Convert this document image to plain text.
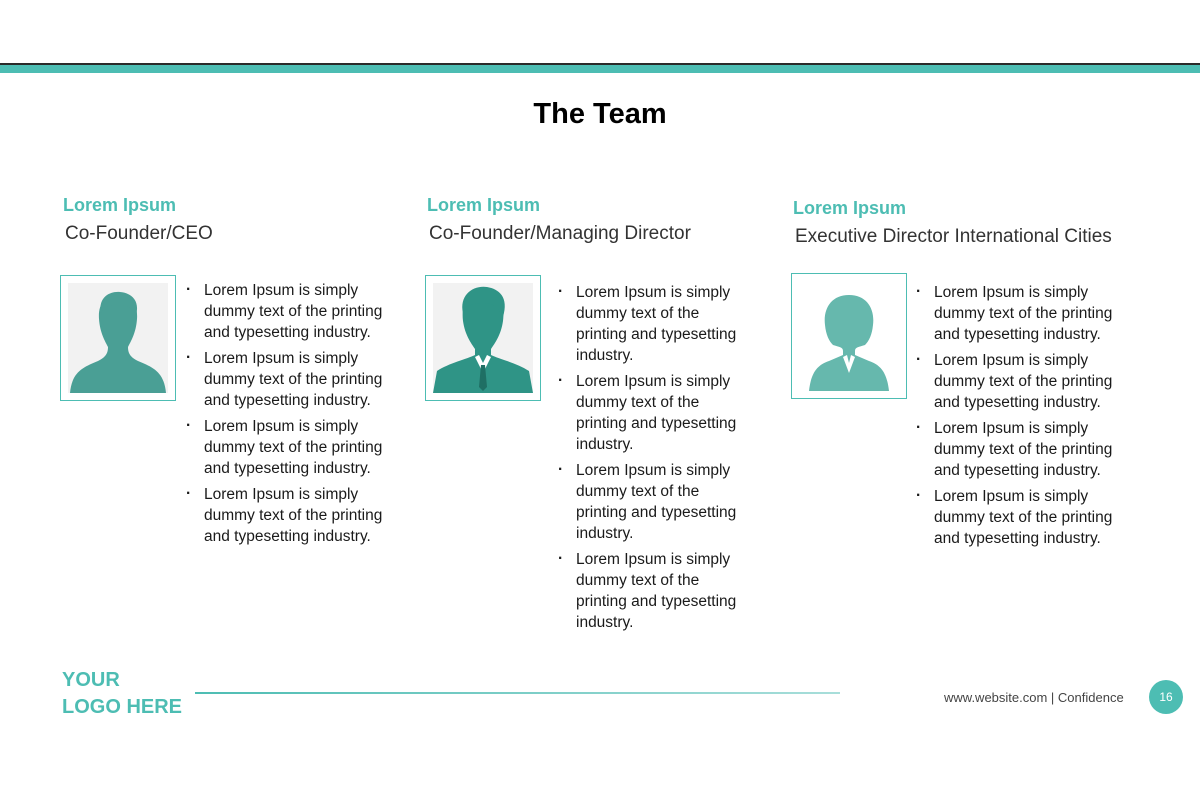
The Team
Lorem Ipsum
Co-Founder/CEO
· Lorem Ipsum is simply dummy text of the printing and typesetting industry.
· Lorem Ipsum is simply dummy text of the printing and typesetting industry.
· Lorem Ipsum is simply dummy text of the printing and typesetting industry.
· Lorem Ipsum is simply dummy text of the printing and typesetting industry.
Lorem Ipsum
Co-Founder/Managing Director
· Lorem Ipsum is simply dummy text of the printing and typesetting industry.
· Lorem Ipsum is simply dummy text of the printing and typesetting industry.
· Lorem Ipsum is simply dummy text of the printing and typesetting industry.
· Lorem Ipsum is simply dummy text of the printing and typesetting industry.
Lorem Ipsum
Executive Director International Cities
· Lorem Ipsum is simply dummy text of the printing and typesetting industry.
· Lorem Ipsum is simply dummy text of the printing and typesetting industry.
· Lorem Ipsum is simply dummy text of the printing and typesetting industry.
· Lorem Ipsum is simply dummy text of the printing and typesetting industry.
YOUR
LOGO HERE	www.website.com | Confidence	16
